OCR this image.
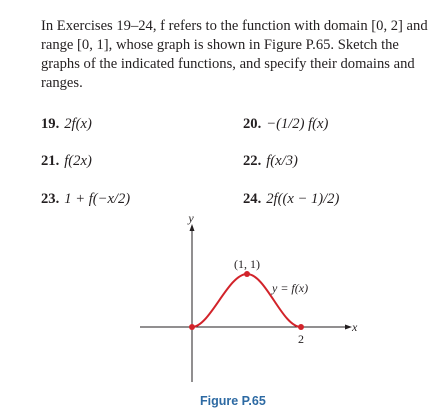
In Exercises 19–24, f refers to the function with domain [0, 2] and range [0, 1], whose graph is shown in Figure P.65. Sketch the graphs of the indicated functions, and specify their domains and ranges.

19. 2f(x)	20. −(1/2) f(x)
21. f(2x)	22. f(x/3)
23. 1 + f(−x/2)	24. 2f((x − 1)/2)
y
x
(1, 1)
y = f(x)
2
Figure P.65
